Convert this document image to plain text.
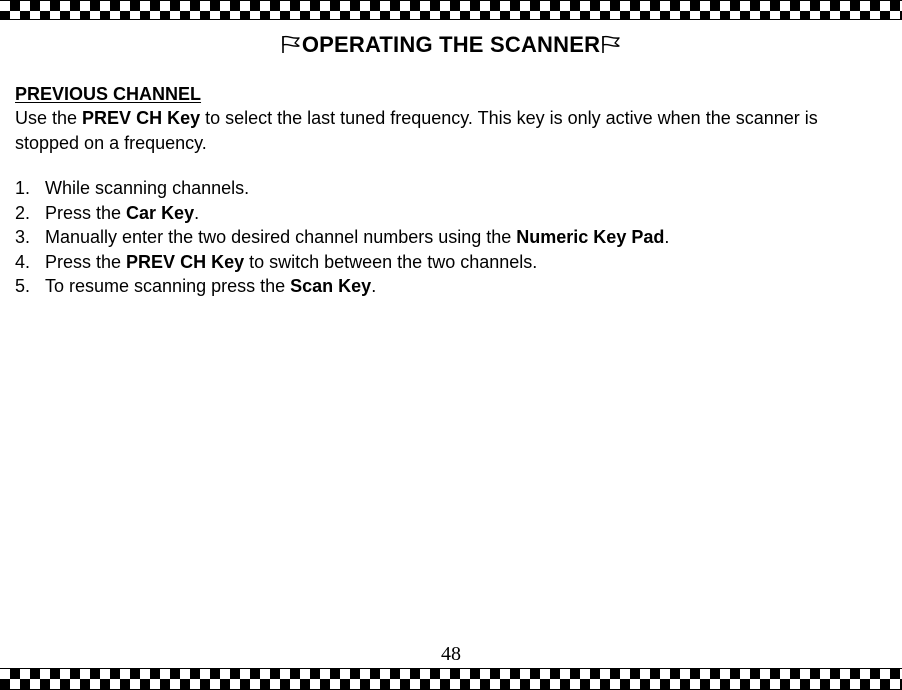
OPERATING THE SCANNER
PREVIOUS CHANNEL
Use the PREV CH Key to select the last tuned frequency. This key is only active when the scanner is stopped on a frequency.
1. While scanning channels.
2. Press the Car Key.
3. Manually enter the two desired channel numbers using the Numeric Key Pad.
4. Press the PREV CH Key to switch between the two channels.
5. To resume scanning press the Scan Key.
48
